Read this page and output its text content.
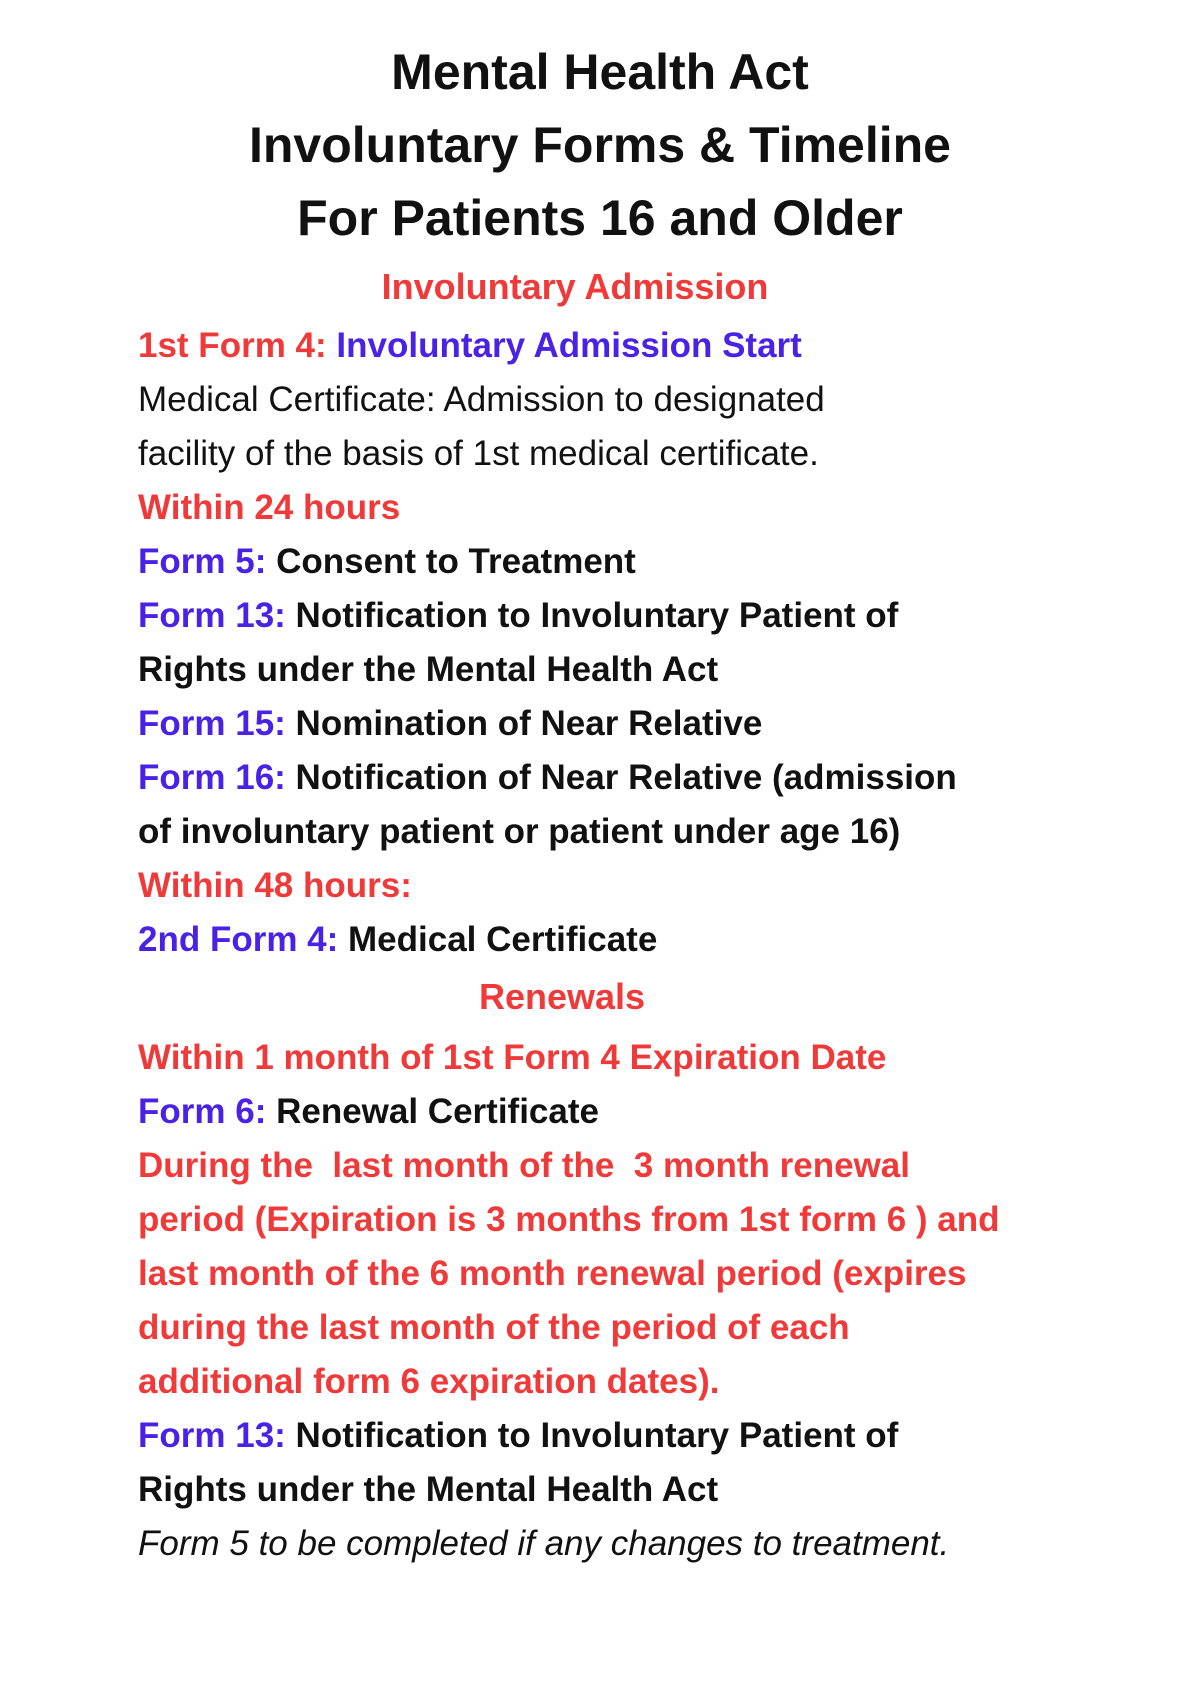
Mental Health Act
Involuntary Forms & Timeline
For Patients 16 and Older
Involuntary Admission
1st Form 4: Involuntary Admission Start
Medical Certificate: Admission to designated
facility of the basis of 1st medical certificate.
Within 24 hours
Form 5: Consent to Treatment
Form 13: Notification to Involuntary Patient of
Rights under the Mental Health Act
Form 15: Nomination of Near Relative
Form 16: Notification of Near Relative (admission
of involuntary patient or patient under age 16)
Within 48 hours:
2nd Form 4: Medical Certificate
Renewals
Within 1 month of 1st Form 4 Expiration Date
Form 6: Renewal Certificate
During the  last month of the  3 month renewal
period (Expiration is 3 months from 1st form 6 ) and
last month of the 6 month renewal period (expires
during the last month of the period of each
additional form 6 expiration dates).
Form 13: Notification to Involuntary Patient of
Rights under the Mental Health Act
Form 5 to be completed if any changes to treatment.
